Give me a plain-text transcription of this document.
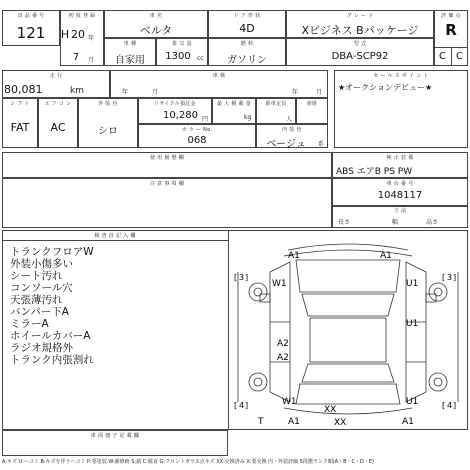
出 品 番 号
121
初 度 登 録
H 20 年
7	月
車 名
ベルタ
ド ア 形 状
4D
グ レ ー ド
Xビジネス Bパッケージ
評 価 点
R
C	C
車 種
自家用
排 気 量
1300	cc
燃 料
ガソリン
型 式
DBA-SCP92
走 行
80,081	km
車 検
年	月	年	月
セ ー ル ス ポ イ ン ト
★オークションデビュー★
シ フ ト
FAT
エ ア コ ン
AC
外 装 色
シロ
リサイクル預託金
10,280 円
最 大 積 載 量
kg
乗車定員
人
座席
カ ラ ー No.
068
内 装 色
ベージュ	系
使 用 履 歴 欄	純 正 装 備
ABS エアB PS PW
注 意 事 項 欄	車 台 番 号
1048117
寸 法
長さ	幅	高さ
検 査 員 記 入 欄
トランクフロアW
外装小傷多い
シート汚れ
コンソール穴
天張薄汚れ
バンパー下A
ミラーA
ホイールカバーA
ラジオ規格外
トランク内張割れ
[ 3 ]	[ 3 ]
[ 4 ]	[ 4 ]
A1	A1
W1	U1
U1
A2
A2
W1	U1
XX
XX
A1	A1
T
車 両 冊 子 記 載 欄
A:キズ U:ヘコミ B:キズを伴うヘコミ P:要塗装 W:補修跡 S:錆 C:腐食 G:フロントガラス点キズ XX:交換済み X:要交換 内・外装評価 5段階ランク順(A・B・C・D・E)
